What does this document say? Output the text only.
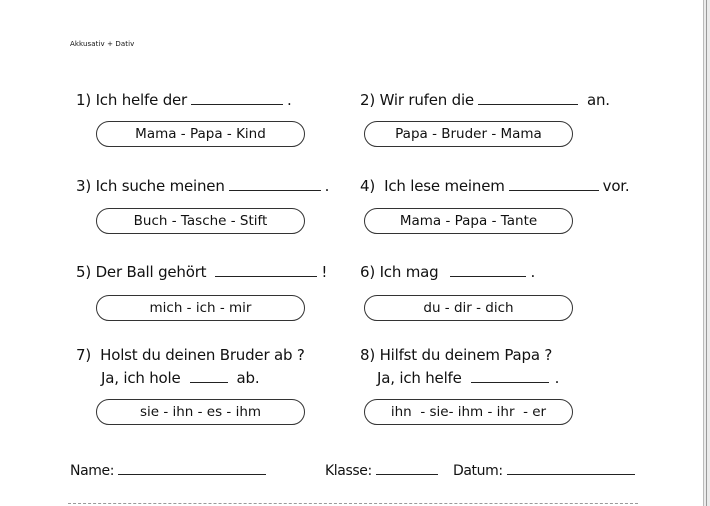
Akkusativ + Dativ
1) Ich helfe der	.
Mama - Papa - Kind
2) Wir rufen die	an.
Papa - Bruder - Mama
3) Ich suche meinen	.
Buch - Tasche - Stift
4)  Ich lese meinem	vor.
Mama - Papa - Tante
5) Der Ball gehört	!
mich - ich - mir
6) Ich mag	.
du - dir - dich
7)  Holst du deinen Bruder ab ?
Ja, ich hole	ab.
sie - ihn - es - ihm
8) Hilfst du deinem Papa ?
Ja, ich helfe	.
ihn  - sie- ihm - ihr  - er
Name:	Klasse:	Datum:
